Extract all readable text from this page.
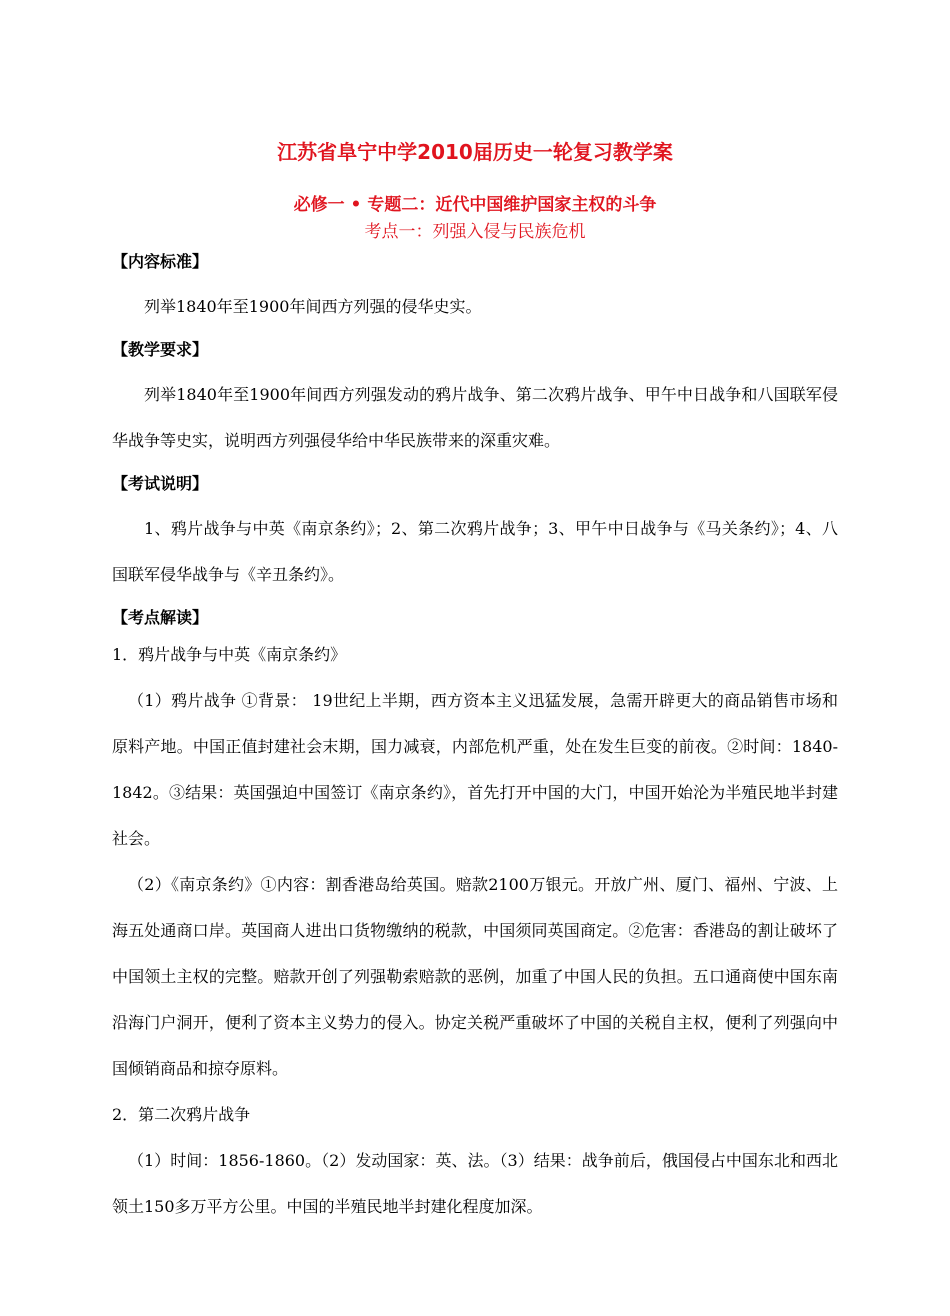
江苏省阜宁中学2010届历史一轮复习教学案
必修一 • 专题二：近代中国维护国家主权的斗争
考点一：列强入侵与民族危机
【内容标准】

列举1840年至1900年间西方列强的侵华史实。

【教学要求】

列举1840年至1900年间西方列强发动的鸦片战争、第二次鸦片战争、甲午中日战争和八国联军侵华战争等史实，说明西方列强侵华给中华民族带来的深重灾难。

【考试说明】

1、鸦片战争与中英《南京条约》；2、第二次鸦片战争；3、甲午中日战争与《马关条约》；4、八国联军侵华战争与《辛丑条约》。

【考点解读】

1．鸦片战争与中英《南京条约》

（1）鸦片战争 ①背景： 19世纪上半期，西方资本主义迅猛发展，急需开辟更大的商品销售市场和原料产地。中国正值封建社会末期，国力减衰，内部危机严重，处在发生巨变的前夜。②时间：1840-1842。③结果：英国强迫中国签订《南京条约》，首先打开中国的大门，中国开始沦为半殖民地半封建社会。

（2）《南京条约》①内容：割香港岛给英国。赔款2100万银元。开放广州、厦门、福州、宁波、上海五处通商口岸。英国商人进出口货物缴纳的税款，中国须同英国商定。②危害：香港岛的割让破坏了中国领土主权的完整。赔款开创了列强勒索赔款的恶例，加重了中国人民的负担。五口通商使中国东南沿海门户洞开，便利了资本主义势力的侵入。协定关税严重破坏了中国的关税自主权，便利了列强向中国倾销商品和掠夺原料。

2．第二次鸦片战争

（1）时间：1856-1860。（2）发动国家：英、法。（3）结果：战争前后，俄国侵占中国东北和西北领土150多万平方公里。中国的半殖民地半封建化程度加深。
